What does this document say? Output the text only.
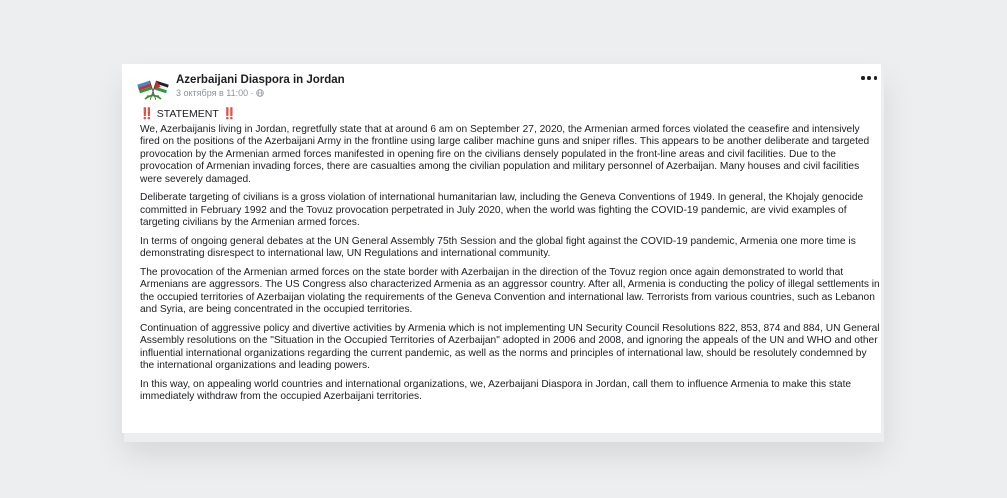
Azerbaijani Diaspora in Jordan
3 октября в 11:00 ·
‼️ STATEMENT ‼️

We, Azerbaijanis living in Jordan, regretfully state that at around 6 am on September 27, 2020, the Armenian armed forces violated the ceasefire and intensively fired on the positions of the Azerbaijani Army in the frontline using large caliber machine guns and sniper rifles. This appears to be another deliberate and targeted provocation by the Armenian armed forces manifested in opening fire on the civilians densely populated in the front-line areas and civil facilities. Due to the provocation of Armenian invading forces, there are casualties among the civilian population and military personnel of Azerbaijan. Many houses and civil facilities were severely damaged.

Deliberate targeting of civilians is a gross violation of international humanitarian law, including the Geneva Conventions of 1949. In general, the Khojaly genocide committed in February 1992 and the Tovuz provocation perpetrated in July 2020, when the world was fighting the COVID-19 pandemic, are vivid examples of targeting civilians by the Armenian armed forces.

In terms of ongoing general debates at the UN General Assembly 75th Session and the global fight against the COVID-19 pandemic, Armenia one more time is demonstrating disrespect to international law, UN Regulations and international community.

The provocation of the Armenian armed forces on the state border with Azerbaijan in the direction of the Tovuz region once again demonstrated to world that Armenians are aggressors. The US Congress also characterized Armenia as an aggressor country. After all, Armenia is conducting the policy of illegal settlements in the occupied territories of Azerbaijan violating the requirements of the Geneva Convention and international law. Terrorists from various countries, such as Lebanon and Syria, are being concentrated in the occupied territories.

Continuation of aggressive policy and divertive activities by Armenia which is not implementing UN Security Council Resolutions 822, 853, 874 and 884, UN General Assembly resolutions on the "Situation in the Occupied Territories of Azerbaijan" adopted in 2006 and 2008, and ignoring the appeals of the UN and WHO and other influential international organizations regarding the current pandemic, as well as the norms and principles of international law, should be resolutely condemned by the international organizations and leading powers.

In this way, on appealing world countries and international organizations, we, Azerbaijani Diaspora in Jordan, call them to influence Armenia to make this state immediately withdraw from the occupied Azerbaijani territories.
